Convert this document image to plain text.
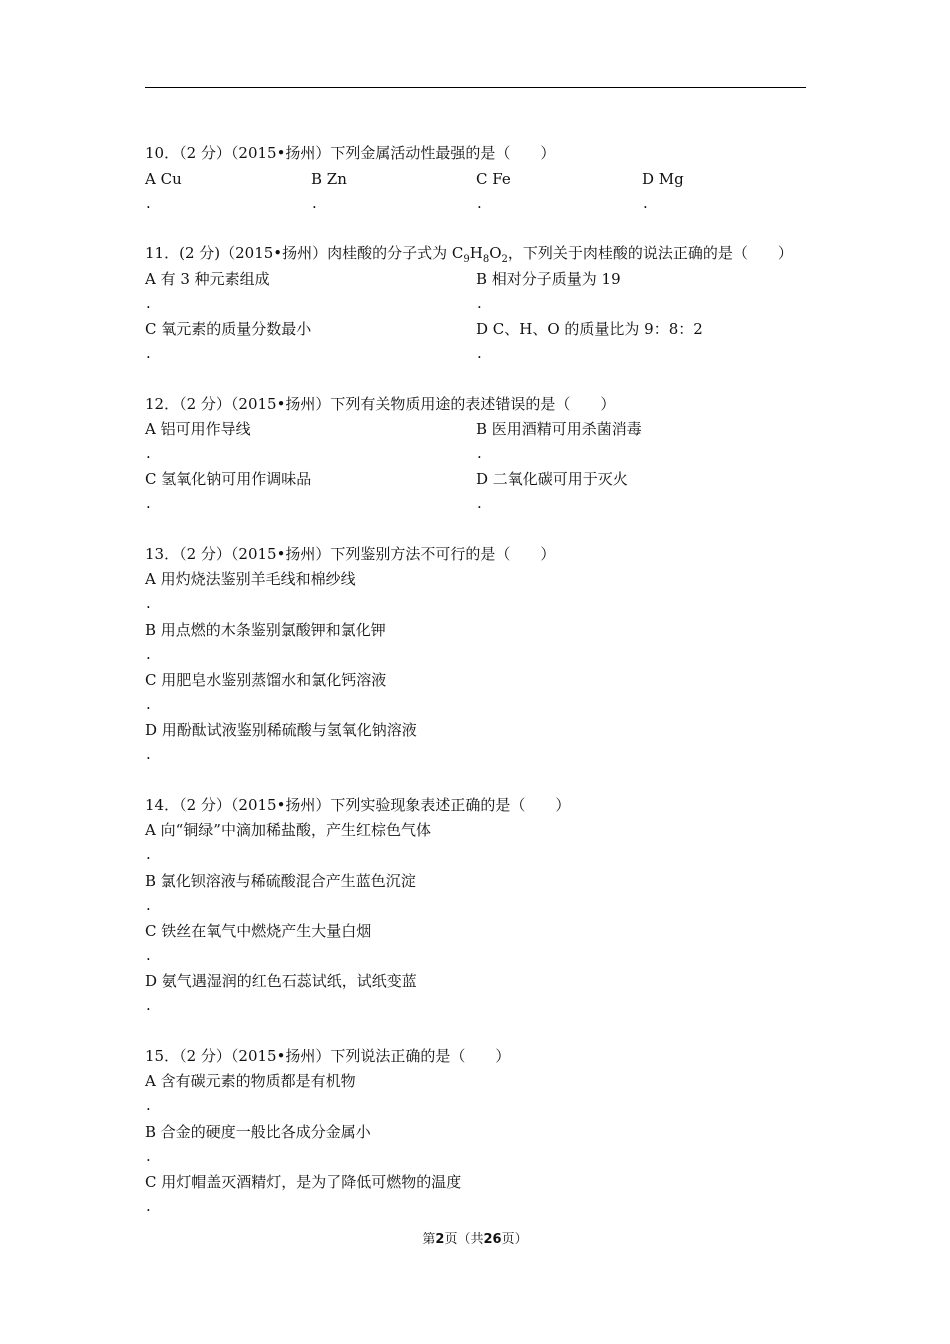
10．（2 分）（2015•扬州）下列金属活动性最强的是（　　）
A Cu	B Zn	C Fe	D Mg
.	.	.	.
11．(2 分)（2015•扬州）肉桂酸的分子式为 $C_9H_8O_2$，下列关于肉桂酸的说法正确的是（　　）
A 有 3 种元素组成	B 相对分子质量为 19
.	.
C 氧元素的质量分数最小	D C、H、O 的质量比为 9：8：2
.	.
12．（2 分）（2015•扬州）下列有关物质用途的表述错误的是（　　）
A 铝可用作导线	B 医用酒精可用杀菌消毒
.	.
C 氢氧化钠可用作调味品	D 二氧化碳可用于灭火
.	.
13．（2 分）（2015•扬州）下列鉴别方法不可行的是（　　）
A 用灼烧法鉴别羊毛线和棉纱线
.
B 用点燃的木条鉴别氯酸钾和氯化钾
.
C 用肥皂水鉴别蒸馏水和氯化钙溶液
.
D 用酚酞试液鉴别稀硫酸与氢氧化钠溶液
.
14．（2 分）（2015•扬州）下列实验现象表述正确的是（　　）
A 向“铜绿”中滴加稀盐酸，产生红棕色气体
.
B 氯化钡溶液与稀硫酸混合产生蓝色沉淀
.
C 铁丝在氧气中燃烧产生大量白烟
.
D 氨气遇湿润的红色石蕊试纸，试纸变蓝
.
15．（2 分）（2015•扬州）下列说法正确的是（　　）
A 含有碳元素的物质都是有机物
.
B 合金的硬度一般比各成分金属小
.
C 用灯帽盖灭酒精灯，是为了降低可燃物的温度
.
第2页（共26页）
